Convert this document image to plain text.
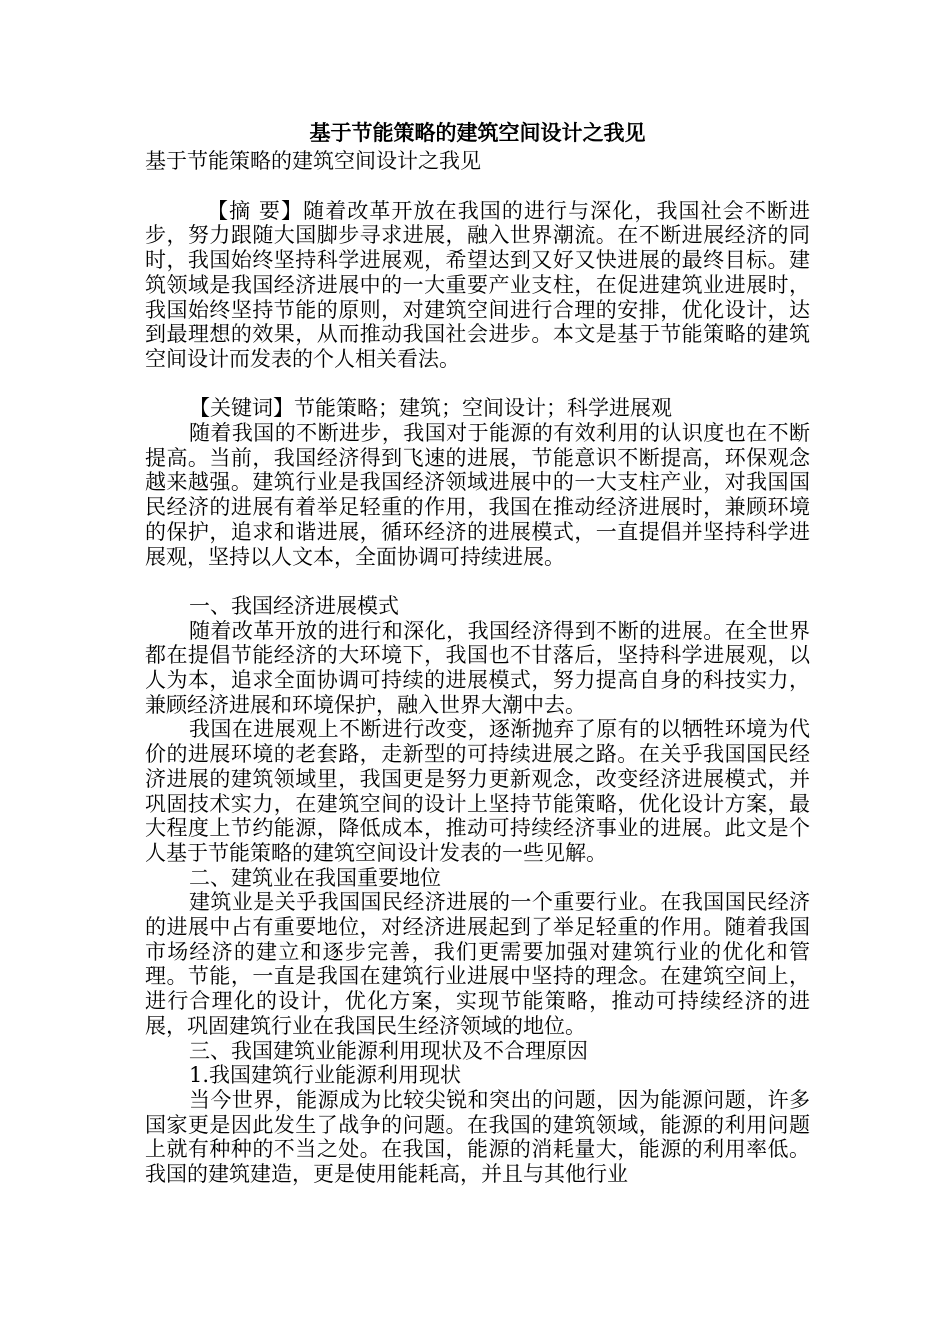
基于节能策略的建筑空间设计之我见

基于节能策略的建筑空间设计之我见

【摘 要】随着改革开放在我国的进行与深化，我国社会不断进步，努力跟随大国脚步寻求进展，融入世界潮流。在不断进展经济的同时，我国始终坚持科学进展观，希望达到又好又快进展的最终目标。建筑领域是我国经济进展中的一大重要产业支柱，在促进建筑业进展时，我国始终坚持节能的原则，对建筑空间进行合理的安排，优化设计，达到最理想的效果，从而推动我国社会进步。本文是基于节能策略的建筑空间设计而发表的个人相关看法。

【关键词】节能策略；建筑；空间设计；科学进展观

随着我国的不断进步，我国对于能源的有效利用的认识度也在不断提高。当前，我国经济得到飞速的进展，节能意识不断提高，环保观念越来越强。建筑行业是我国经济领域进展中的一大支柱产业，对我国国民经济的进展有着举足轻重的作用，我国在推动经济进展时，兼顾环境的保护，追求和谐进展，循环经济的进展模式，一直提倡并坚持科学进展观，坚持以人文本，全面协调可持续进展。

一、我国经济进展模式

随着改革开放的进行和深化，我国经济得到不断的进展。在全世界都在提倡节能经济的大环境下，我国也不甘落后，坚持科学进展观，以人为本，追求全面协调可持续的进展模式，努力提高自身的科技实力，兼顾经济进展和环境保护，融入世界大潮中去。

我国在进展观上不断进行改变，逐渐抛弃了原有的以牺牲环境为代价的进展环境的老套路，走新型的可持续进展之路。在关乎我国国民经济进展的建筑领域里，我国更是努力更新观念，改变经济进展模式，并巩固技术实力，在建筑空间的设计上坚持节能策略，优化设计方案，最大程度上节约能源，降低成本，推动可持续经济事业的进展。此文是个人基于节能策略的建筑空间设计发表的一些见解。

二、建筑业在我国重要地位

建筑业是关乎我国国民经济进展的一个重要行业。在我国国民经济的进展中占有重要地位，对经济进展起到了举足轻重的作用。随着我国市场经济的建立和逐步完善，我们更需要加强对建筑行业的优化和管理。节能，一直是我国在建筑行业进展中坚持的理念。在建筑空间上，进行合理化的设计，优化方案，实现节能策略，推动可持续经济的进展，巩固建筑行业在我国民生经济领域的地位。

三、我国建筑业能源利用现状及不合理原因

1.我国建筑行业能源利用现状

当今世界，能源成为比较尖锐和突出的问题，因为能源问题，许多国家更是因此发生了战争的问题。在我国的建筑领域，能源的利用问题上就有种种的不当之处。在我国，能源的消耗量大，能源的利用率低。我国的建筑建造，更是使用能耗高，并且与其他行业
